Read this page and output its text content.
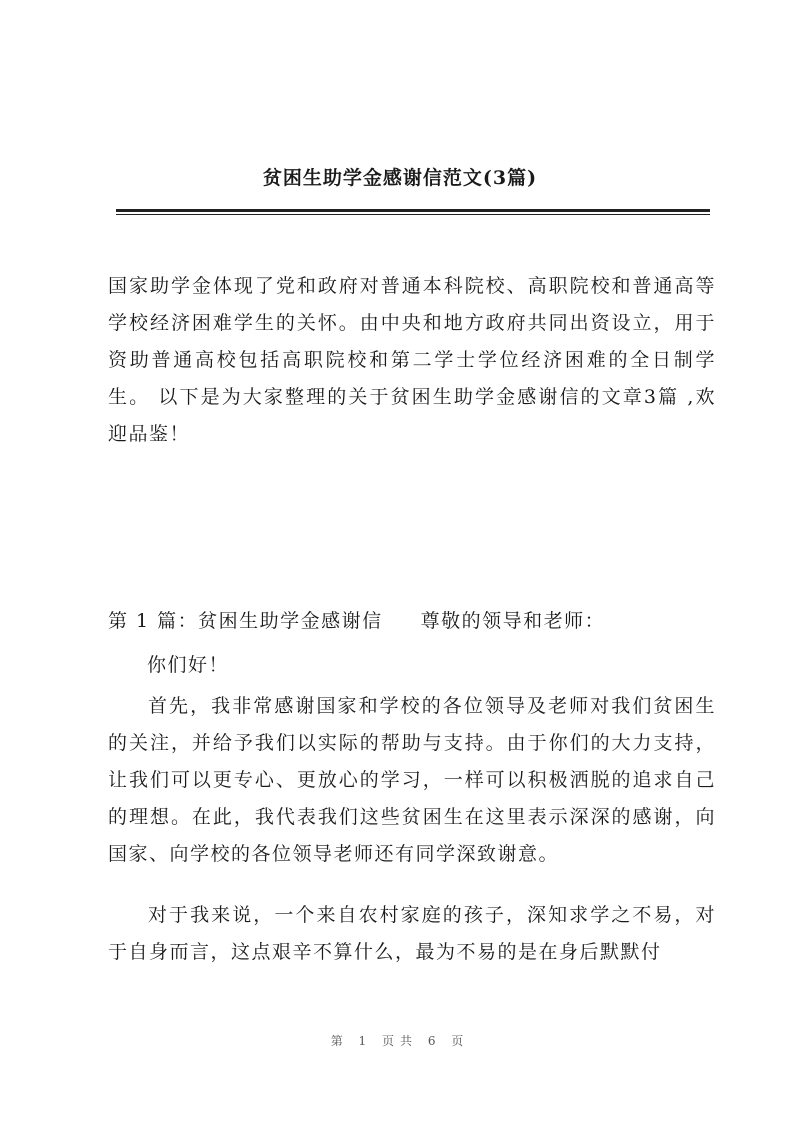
贫困生助学金感谢信范文(3篇)

国家助学金体现了党和政府对普通本科院校、高职院校和普通高等学校经济困难学生的关怀。由中央和地方政府共同出资设立，用于资助普通高校包括高职院校和第二学士学位经济困难的全日制学生。 以下是为大家整理的关于贫困生助学金感谢信的文章3篇 ,欢迎品鉴！

第 1 篇：贫困生助学金感谢信 尊敬的领导和老师：
你们好！

首先，我非常感谢国家和学校的各位领导及老师对我们贫困生的关注，并给予我们以实际的帮助与支持。由于你们的大力支持，让我们可以更专心、更放心的学习，一样可以积极洒脱的追求自己的理想。在此，我代表我们这些贫困生在这里表示深深的感谢，向国家、向学校的各位领导老师还有同学深致谢意。

对于我来说，一个来自农村家庭的孩子，深知求学之不易，对于自身而言，这点艰辛不算什么，最为不易的是在身后默默付

第 1 页共 6 页
